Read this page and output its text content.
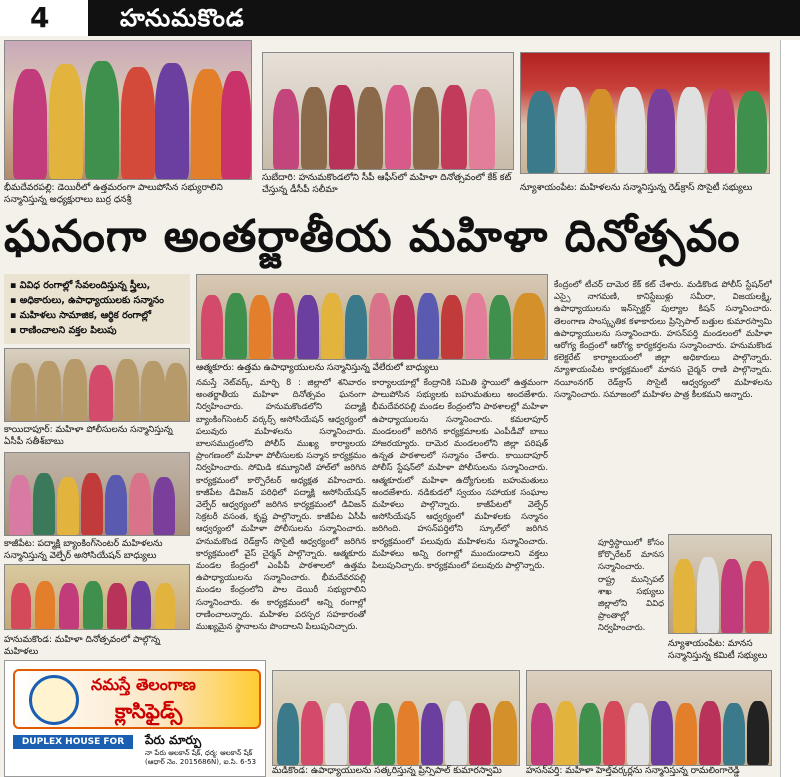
4	హనుమకొండ
భీమదేవరపల్లి: డెయిరీలో ఉత్తమరంగా పాలుపోసిన సభ్యురాలిని సన్మానిస్తున్న అధ్యక్షురాలు బుర్ర ధనశ్రీ
సుబేదారి: హనుమకొండలోని సీపీ ఆఫీస్‌లో మహిళా దినోత్సవంలో కేక్ కట్ చేస్తున్న డీసీపీ సలీమా	న్యూశాయంపేట: మహిళలను సన్మానిస్తున్న రెడ్‌క్రాస్ సొసైటీ సభ్యులు
ఘనంగా అంతర్జాతీయ మహిళా దినోత్సవం
▪ వివిధ రంగాల్లో సేవలందిస్తున్న స్త్రీలు,
▪ అధికారులు, ఉపాధ్యాయులకు సన్మానం
▪ మహిళలు సామాజిక, ఆర్థిక రంగాల్లో
▪ రాణించాలని వక్తల పిలుపు
కాయిదాపూర్: మహిళా పోలీసులను సన్మానిస్తున్న ఏసీపీ సతీశ్‌బాబు
కాజీపేట: పద్మాక్షి బ్యాంకింగ్‌సెంటర్ మహిళలను సన్మానిస్తున్న వెల్ఫేర్ అసోసియేషన్ బాధ్యులు
హనుమకొండ: మహిళా దినోత్సవంలో పాల్గొన్న మహిళలు
ఆత్మకూరు: ఉత్తమ ఉపాధ్యాయులను సన్మానిస్తున్న వేలేరులో బాధ్యులు
నమస్తే నెట్‌వర్క్, మార్చి 8 : జిల్లాలో శనివారం అంతర్జాతీయ మహిళా దినోత్సవం ఘనంగా నిర్వహించారు. హనుమకొండలోని పద్మాక్షి బ్యాంకింగ్‌సెంటర్ వర్కర్స్ అసోసియేషన్ ఆధ్వర్యంలో పలువురు మహిళలను సన్మానించారు. బాలసముద్రంలోని పోలీస్ ముఖ్య కార్యాలయ ప్రాంగణంలో మహిళా పోలీసులకు సన్మాన కార్యక్రమం నిర్వహించారు. సోమిడి కమ్యూనిటీ హాల్‌లో జరిగిన కార్యక్రమంలో కార్పొరేటర్ అధ్యక్షత వహించారు. కాజీపేట డివిజన్ పరిధిలో పద్మాక్షి అసోసియేషన్ వెల్ఫేర్ ఆధ్వర్యంలో జరిగిన కార్యక్రమంలో డివిజన్ సెక్రటరీ వసంత, కృష్ణ పాల్గొన్నారు. కాజీపేట ఏసీపీ ఆధ్వర్యంలో మహిళా పోలీసులను సన్మానించారు. హనుమకొండ రెడ్‌క్రాస్ సొసైటీ ఆధ్వర్యంలో జరిగిన కార్యక్రమంలో వైస్ చైర్మన్ పాల్గొన్నారు. ఆత్మకూరు మండల కేంద్రంలో ఎంపీపీ పాఠశాలలో ఉత్తమ ఉపాధ్యాయులను సన్మానించారు. భీమదేవరపల్లి మండల కేంద్రంలోని పాల డెయిరీ సభ్యురాలిని సన్మానించారు. ఈ కార్యక్రమంలో అన్ని రంగాల్లో రాణించాలన్నారు. మహిళల పరస్పర సహకారంతో ముఖ్యమైన స్థానాలను పొందాలని పిలుపునిచ్చారు.
కార్యాలయాల్లో కేంద్రానికి సమితి స్థాయిలో ఉత్తమంగా పాలుపోసిన సభ్యులకు బహుమతులు అందజేశారు. భీమదేవరపల్లి మండల కేంద్రంలోని పాఠశాలల్లో మహిళా ఉపాధ్యాయులను సన్మానించారు. కమలాపూర్ మండలంలో జరిగిన కార్యక్రమాలకు ఎంపీడీవో బాబు హాజరయ్యారు. దామెర మండలంలోని జిల్లా పరిషత్ ఉన్నత పాఠశాలలో సన్మానం చేశారు. కాయిదాపూర్ పోలీస్ స్టేషన్‌లో మహిళా పోలీసులను సన్మానించారు. ఆత్మకూరులో మహిళా ఉద్యోగులకు బహుమతులు అందజేశారు. నడికుడలో స్వయం సహాయక సంఘాల మహిళలు పాల్గొన్నారు. కాజీపేటలో వెల్ఫేర్ అసోసియేషన్ ఆధ్వర్యంలో మహిళలకు సన్మానం జరిగింది. హసన్‌పర్తిలోని స్కూల్‌లో జరిగిన కార్యక్రమంలో పలువురు మహిళలను సన్మానించారు. మహిళలు అన్ని రంగాల్లో ముందుండాలని వక్తలు పిలుపునిచ్చారు. కార్యక్రమంలో పలువురు పాల్గొన్నారు.
కేంద్రంలో టీచర్ దామెర కేక్ కట్ చేశారు. మడికొండ పోలీస్ స్టేషన్‌లో ఎస్సై నాగమణి, కానిస్టేబుళ్లు సమీరా, విజయలక్ష్మి, ఉపాధ్యాయులను ఇన్‌స్పెక్టర్ పుల్యాల కిషన్ సన్మానించారు. తెలంగాణ సాంస్కృతిక కళాకారులు ప్రిన్సిపాల్ బత్తుల కుమారస్వామి ఉపాధ్యాయులను సన్మానించారు. హసన్‌పర్తి మండలంలో మహిళా ఆరోగ్య కేంద్రంలో ఆరోగ్య కార్యకర్తలను సన్మానించారు. హనుమకొండ కలెక్టరేట్ కార్యాలయంలో జిల్లా అధికారులు పాల్గొన్నారు. న్యూశాయంపేట కార్యక్రమంలో మానస చైర్మన్ రాణి పాల్గొన్నారు. నయీంనగర్ రెడ్‌క్రాస్ సొసైటీ ఆధ్వర్యంలో మహిళలను సన్మానించారు. సమాజంలో మహిళల పాత్ర కీలకమని అన్నారు.
పూర్తిస్థాయిలో కోసం కోర్పొరేటర్ మానస సన్మానించారు. రాష్ట్ర మున్సిపల్ శాఖ సభ్యులు జిల్లాలోని వివిధ ప్రాంతాల్లో నిర్వహించారు.
న్యూశాయంపేట: మానస సన్మానిస్తున్న కమిటీ సభ్యులు
నమస్తే తెలంగాణ
క్లాసిఫైడ్స్
DUPLEX HOUSE FOR SALE
పేరు మార్పు
నా పేరు ఆలకాన్ షేక్, ధర్మ: ఆలకాన్ షేక్ (ఆధార్ నెం. 2015686N), ఐ.సి. 6-53
మడికొండ: ఉపాధ్యాయులను సత్కరిస్తున్న ప్రిన్సిపాల్ కుమారస్వామి	హసన్‌పర్తి: మహిళా హెల్త్‌వర్కర్లను సన్మానిస్తున్న రామలింగారెడ్డి
